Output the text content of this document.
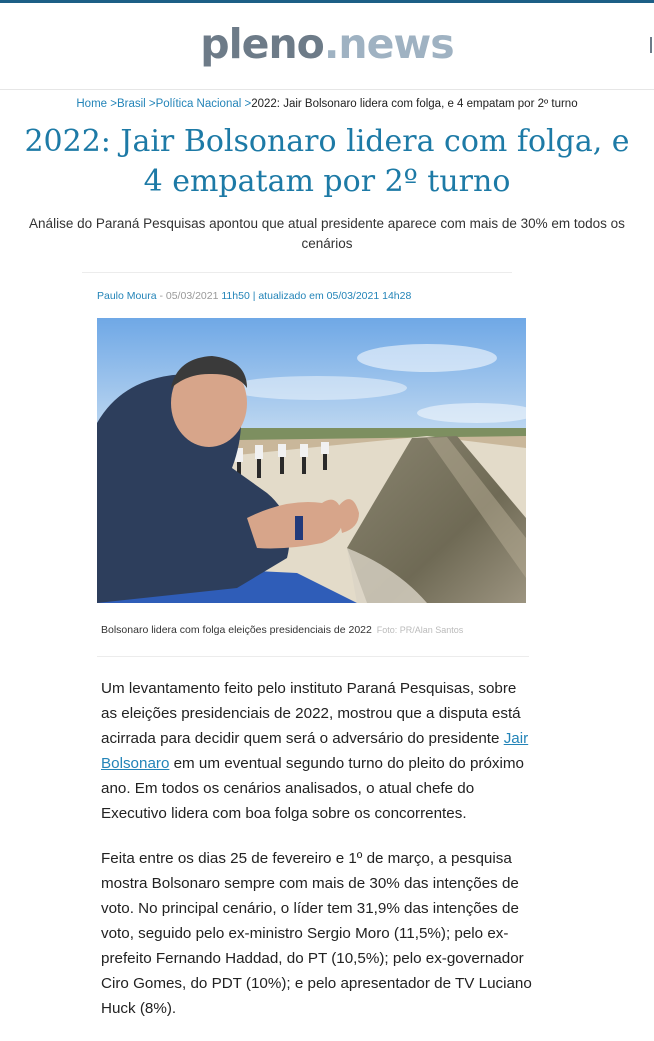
pleno.news
Home >Brasil >Política Nacional >2022: Jair Bolsonaro lidera com folga, e 4 empatam por 2º turno
2022: Jair Bolsonaro lidera com folga, e 4 empatam por 2º turno
Análise do Paraná Pesquisas apontou que atual presidente aparece com mais de 30% em todos os cenários
Paulo Moura - 05/03/2021 11h50 | atualizado em 05/03/2021 14h28
Bolsonaro lidera com folga eleições presidenciais de 2022 Foto: PR/Alan Santos

Um levantamento feito pelo instituto Paraná Pesquisas, sobre as eleições presidenciais de 2022, mostrou que a disputa está acirrada para decidir quem será o adversário do presidente Jair Bolsonaro em um eventual segundo turno do pleito do próximo ano. Em todos os cenários analisados, o atual chefe do Executivo lidera com boa folga sobre os concorrentes.

Feita entre os dias 25 de fevereiro e 1º de março, a pesquisa mostra Bolsonaro sempre com mais de 30% das intenções de voto. No principal cenário, o líder tem 31,9% das intenções de voto, seguido pelo ex-ministro Sergio Moro (11,5%); pelo ex-prefeito Fernando Haddad, do PT (10,5%); pelo ex-governador Ciro Gomes, do PDT (10%); e pelo apresentador de TV Luciano Huck (8%).
